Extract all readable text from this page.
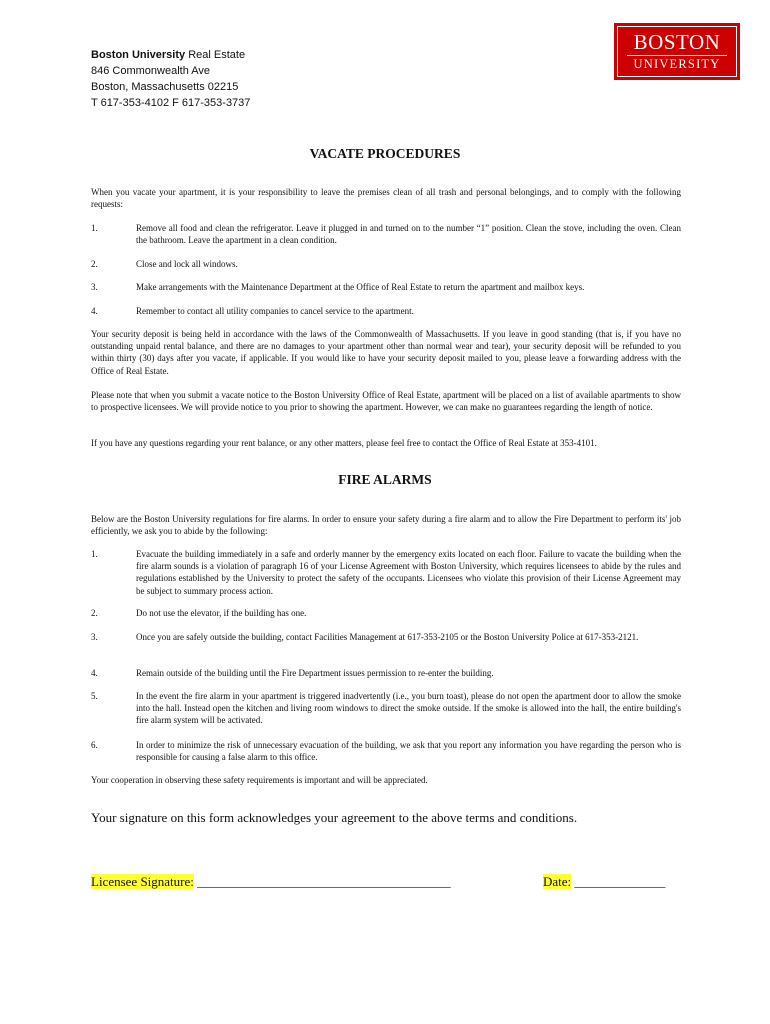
Boston University Real Estate
846 Commonwealth Ave
Boston, Massachusetts 02215
T 617-353-4102 F 617-353-3737
BOSTON
UNIVERSITY
VACATE PROCEDURES
When you vacate your apartment, it is your responsibility to leave the premises clean of all trash and personal belongings, and to comply with the following requests:
1.	Remove all food and clean the refrigerator. Leave it plugged in and turned on to the number “1” position. Clean the stove, including the oven. Clean the bathroom. Leave the apartment in a clean condition.
2.	Close and lock all windows.
3.	Make arrangements with the Maintenance Department at the Office of Real Estate to return the apartment and mailbox keys.
4.	Remember to contact all utility companies to cancel service to the apartment.
Your security deposit is being held in accordance with the laws of the Commonwealth of Massachusetts. If you leave in good standing (that is, if you have no outstanding unpaid rental balance, and there are no damages to your apartment other than normal wear and tear), your security deposit will be refunded to you within thirty (30) days after you vacate, if applicable. If you would like to have your security deposit mailed to you, please leave a forwarding address with the Office of Real Estate.
Please note that when you submit a vacate notice to the Boston University Office of Real Estate, apartment will be placed on a list of available apartments to show to prospective licensees. We will provide notice to you prior to showing the apartment. However, we can make no guarantees regarding the length of notice.
If you have any questions regarding your rent balance, or any other matters, please feel free to contact the Office of Real Estate at 353-4101.
FIRE ALARMS
Below are the Boston University regulations for fire alarms. In order to ensure your safety during a fire alarm and to allow the Fire Department to perform its' job efficiently, we ask you to abide by the following:
1.	Evacuate the building immediately in a safe and orderly manner by the emergency exits located on each floor. Failure to vacate the building when the fire alarm sounds is a violation of paragraph 16 of your License Agreement with Boston University, which requires licensees to abide by the rules and regulations established by the University to protect the safety of the occupants. Licensees who violate this provision of their License Agreement may be subject to summary process action.
2.	Do not use the elevator, if the building has one.
3.	Once you are safely outside the building, contact Facilities Management at 617-353-2105 or the Boston University Police at 617-353-2121.
4.	Remain outside of the building until the Fire Department issues permission to re-enter the building.
5.	In the event the fire alarm in your apartment is triggered inadvertently (i.e., you burn toast), please do not open the apartment door to allow the smoke into the hall. Instead open the kitchen and living room windows to direct the smoke outside. If the smoke is allowed into the hall, the entire building's fire alarm system will be activated.
6.	In order to minimize the risk of unnecessary evacuation of the building, we ask that you report any information you have regarding the person who is responsible for causing a false alarm to this office.
Your cooperation in observing these safety requirements is important and will be appreciated.
Your signature on this form acknowledges your agreement to the above terms and conditions.
Licensee Signature: _______________________________________	Date: ______________
